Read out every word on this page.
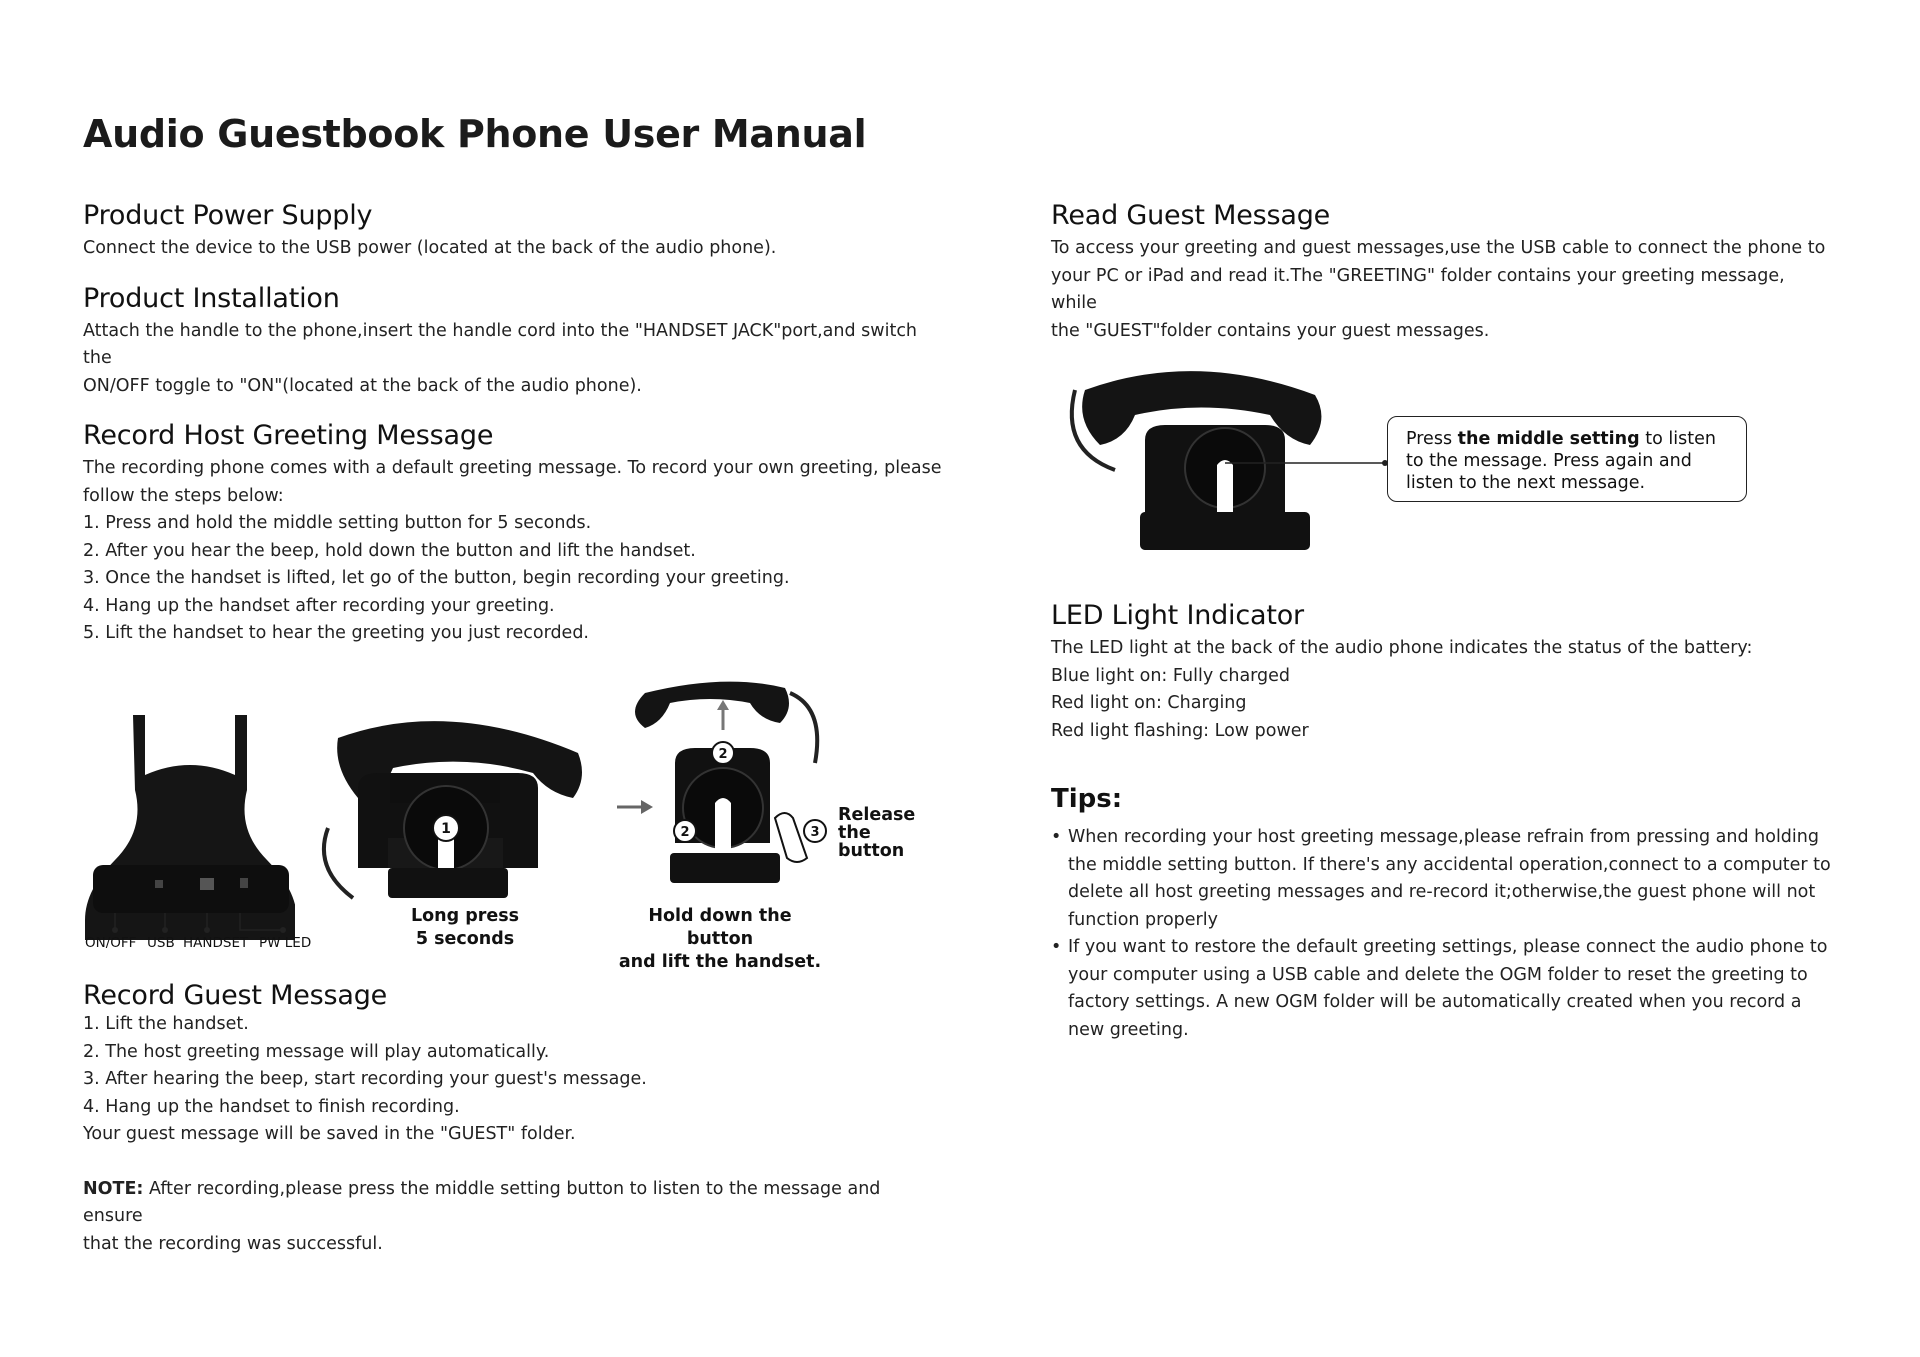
Audio Guestbook Phone User Manual
Product Power Supply

Connect the device to the USB power (located at the back of the audio phone).

Product Installation

Attach the handle to the phone,insert the handle cord into the "HANDSET JACK"port,and switch the

ON/OFF toggle to "ON"(located at the back of the audio phone).

Record Host Greeting Message

The recording phone comes with a default greeting message. To record your own greeting, please

follow the steps below:

1. Press and hold the middle setting button for 5 seconds.

2. After you hear the beep, hold down the button and lift the handset.

3. Once the handset is lifted, let go of the button, begin recording your greeting.

4. Hang up the handset after recording your greeting.

5. Lift the handset to hear the greeting you just recorded.

ON/OFF USB HANDSET PW LED
1
Long press
5 seconds
2
2	3
Release
the
button
Hold down the button
and lift the handset.
Record Guest Message

1. Lift the handset.

2. The host greeting message will play automatically.

3. After hearing the beep, start recording your guest's message.

4. Hang up the handset to finish recording.

Your guest message will be saved in the "GUEST" folder.

NOTE: After recording,please press the middle setting button to listen to the message and ensure

that the recording was successful.

Read Guest Message

To access your greeting and guest messages,use the USB cable to connect the phone to

your PC or iPad and read it.The "GREETING" folder contains your greeting message, while

the "GUEST"folder contains your guest messages.

Press the middle setting to listen to the message. Press again and listen to the next message.
LED Light Indicator

The LED light at the back of the audio phone indicates the status of the battery:

Blue light on: Fully charged

Red light on: Charging

Red light flashing: Low power

Tips:
• When recording your host greeting message,please refrain from pressing and holding the middle setting button. If there's any accidental operation,connect to a computer to delete all host greeting messages and re-record it;otherwise,the guest phone will not function properly
• If you want to restore the default greeting settings, please connect the audio phone to your computer using a USB cable and delete the OGM folder to reset the greeting to factory settings. A new OGM folder will be automatically created when you record a new greeting.
